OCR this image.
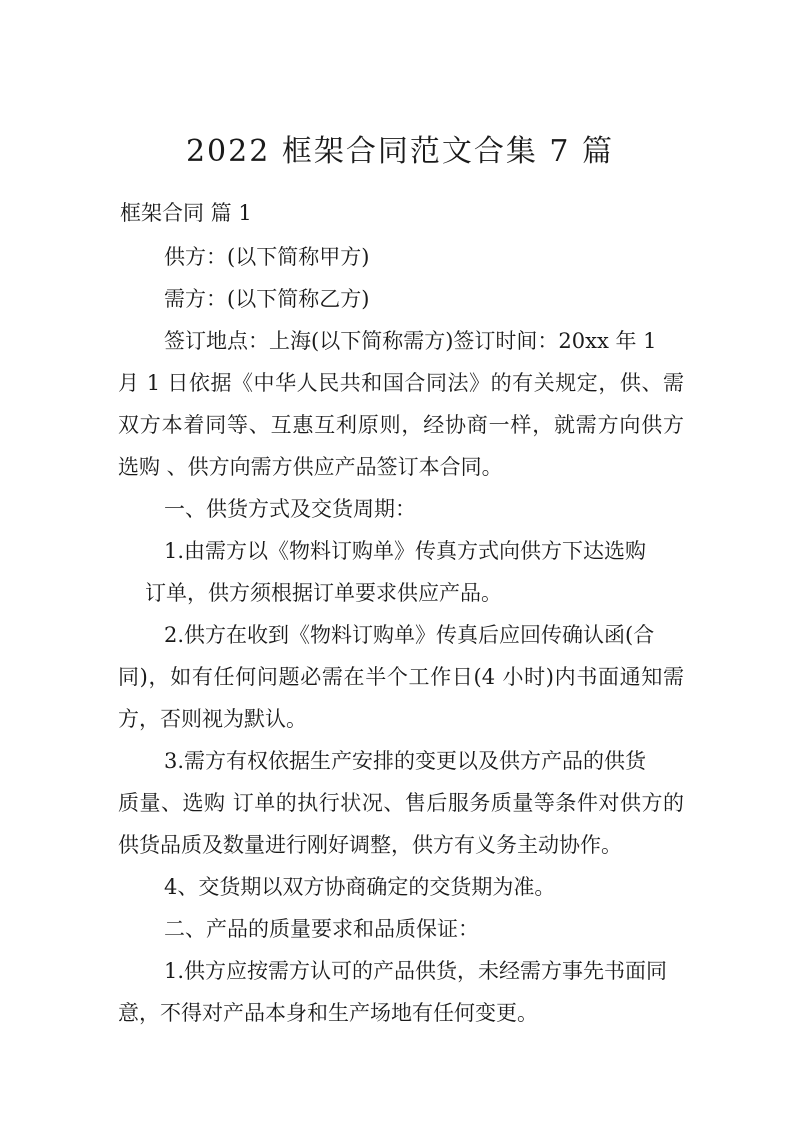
2022 框架合同范文合集 7 篇
框架合同 篇 1
供方：(以下简称甲方)
需方：(以下简称乙方)
签订地点：上海(以下简称需方)签订时间：20xx 年 1
月 1 日依据《中华人民共和国合同法》的有关规定，供、需
双方本着同等、互惠互利原则，经协商一样，就需方向供方
选购 、供方向需方供应产品签订本合同。
一、供货方式及交货周期：
1.由需方以《物料订购单》传真方式向供方下达选购
订单，供方须根据订单要求供应产品。
2.供方在收到《物料订购单》传真后应回传确认函(合
同)，如有任何问题必需在半个工作日(4 小时)内书面通知需
方，否则视为默认。
3.需方有权依据生产安排的变更以及供方产品的供货
质量、选购 订单的执行状况、售后服务质量等条件对供方的
供货品质及数量进行刚好调整，供方有义务主动协作。
4、交货期以双方协商确定的交货期为准。
二、产品的质量要求和品质保证：
1.供方应按需方认可的产品供货，未经需方事先书面同
意，不得对产品本身和生产场地有任何变更。
